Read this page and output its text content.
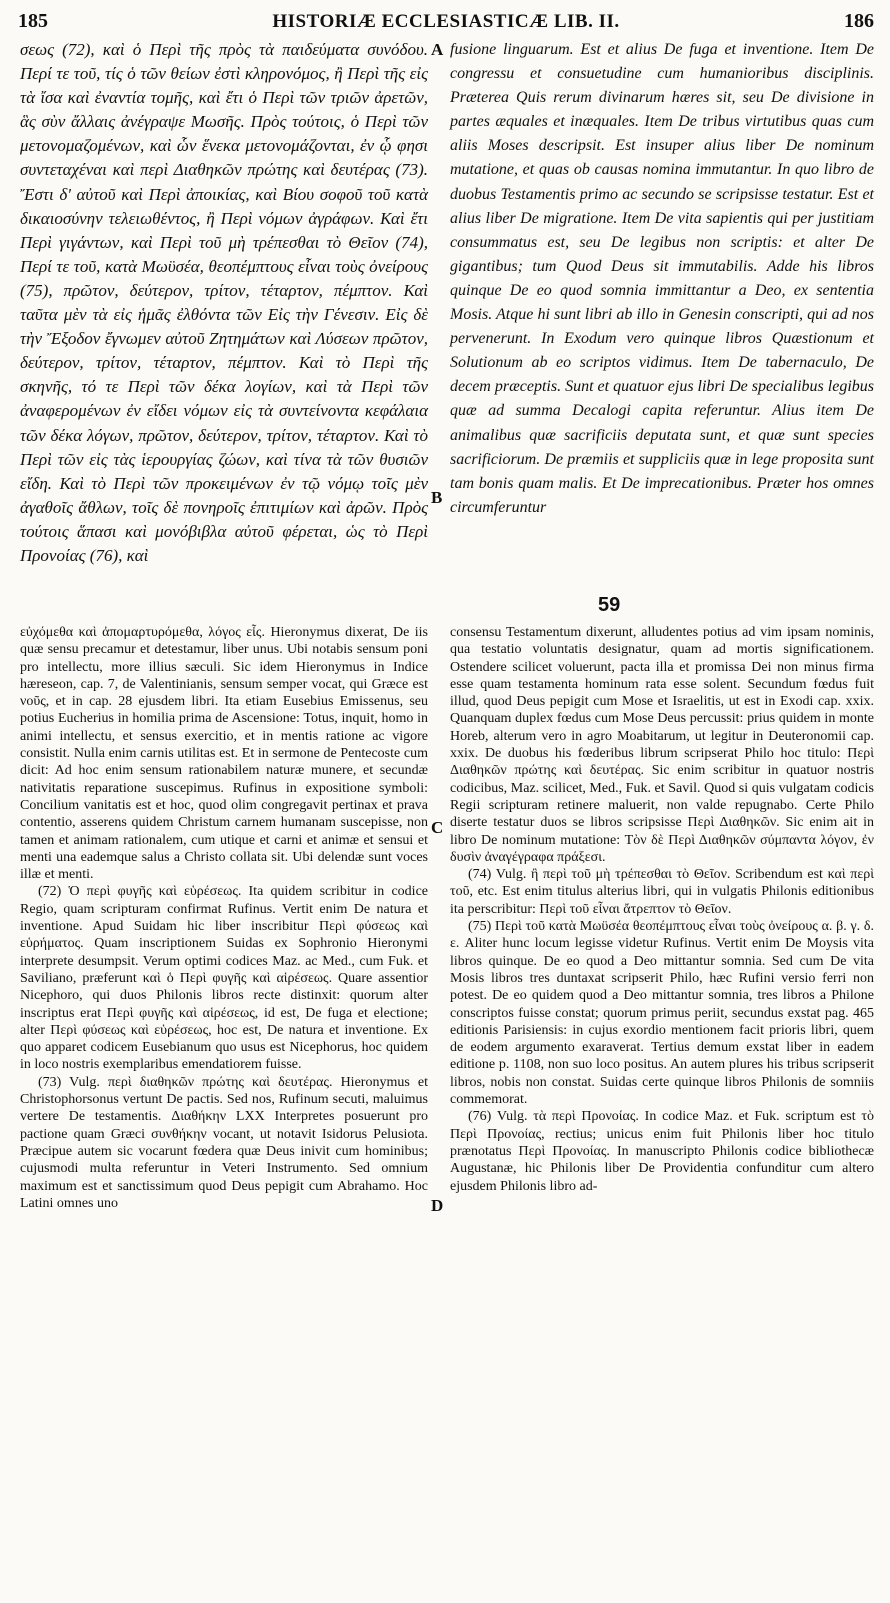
185	HISTORIÆ ECCLESIASTICÆ LIB. II.	186
A
B
C
D

σεως (72), καὶ ὁ Περὶ τῆς πρὸς τὰ παιδεύματα συνόδου. Περί τε τοῦ, τίς ὁ τῶν θείων ἐστὶ κληρονόμος, ἢ Περὶ τῆς εἰς τὰ ἴσα καὶ ἐναντία τομῆς, καὶ ἔτι ὁ Περὶ τῶν τριῶν ἀρετῶν, ἃς σὺν ἄλλαις ἀνέγραψε Μωσῆς. Πρὸς τούτοις, ὁ Περὶ τῶν μετονομαζομένων, καὶ ὧν ἕνεκα μετονομάζονται, ἐν ᾧ φησι συντεταχέναι καὶ περὶ Διαθηκῶν πρώτης καὶ δευτέρας (73). Ἔστι δ' αὐτοῦ καὶ Περὶ ἀποικίας, καὶ Βίου σοφοῦ τοῦ κατὰ δικαιοσύνην τελειωθέντος, ἢ Περὶ νόμων ἀγράφων. Καὶ ἔτι Περὶ γιγάντων, καὶ Περὶ τοῦ μὴ τρέπεσθαι τὸ Θεῖον (74), Περί τε τοῦ, κατὰ Μωϋσέα, θεοπέμπτους εἶναι τοὺς ὀνείρους (75), πρῶτον, δεύτερον, τρίτον, τέταρτον, πέμπτον. Καὶ ταῦτα μὲν τὰ εἰς ἡμᾶς ἐλθόντα τῶν Εἰς τὴν Γένεσιν. Εἰς δὲ τὴν Ἔξοδον ἔγνωμεν αὐτοῦ Ζητημάτων καὶ Λύσεων πρῶτον, δεύτερον, τρίτον, τέταρτον, πέμπτον. Καὶ τὸ Περὶ τῆς σκηνῆς, τό τε Περὶ τῶν δέκα λογίων, καὶ τὰ Περὶ τῶν ἀναφερομένων ἐν εἴδει νόμων εἰς τὰ συντείνοντα κεφάλαια τῶν δέκα λόγων, πρῶτον, δεύτερον, τρίτον, τέταρτον. Καὶ τὸ Περὶ τῶν εἰς τὰς ἱερουργίας ζώων, καὶ τίνα τὰ τῶν θυσιῶν εἴδη. Καὶ τὸ Περὶ τῶν προκειμένων ἐν τῷ νόμῳ τοῖς μὲν ἀγαθοῖς ἄθλων, τοῖς δὲ πονηροῖς ἐπιτιμίων καὶ ἀρῶν. Πρὸς τούτοις ἅπασι καὶ μονόβιβλα αὐτοῦ φέρεται, ὡς τὸ Περὶ Προνοίας (76), καὶ

fusione linguarum. Est et alius De fuga et inventione. Item De congressu et consuetudine cum humanioribus disciplinis. Præterea Quis rerum divinarum hæres sit, seu De divisione in partes æquales et inæquales. Item De tribus virtutibus quas cum aliis Moses descripsit. Est insuper alius liber De nominum mutatione, et quas ob causas nomina immutantur. In quo libro de duobus Testamentis primo ac secundo se scripsisse testatur. Est et alius liber De migratione. Item De vita sapientis qui per justitiam consummatus est, seu De legibus non scriptis: et alter De gigantibus; tum Quod Deus sit immutabilis. Adde his libros quinque De eo quod somnia immittantur a Deo, ex sententia Mosis. Atque hi sunt libri ab illo in Genesin conscripti, qui ad nos pervenerunt. In Exodum vero quinque libros Quæstionum et Solutionum ab eo scriptos vidimus. Item De tabernaculo, De decem præceptis. Sunt et quatuor ejus libri De specialibus legibus quæ ad summa Decalogi capita referuntur. Alius item De animalibus quæ sacrificiis deputata sunt, et quæ sunt species sacrificiorum. De præmiis et suppliciis quæ in lege proposita sunt tam bonis quam malis. Et De imprecationibus. Præter hos omnes circumferuntur

59

εὐχόμεθα καὶ ἀπομαρτυρόμεθα, λόγος εἷς. Hieronymus dixerat, De iis quæ sensu precamur et detestamur, liber unus. Ubi notabis sensum poni pro intellectu, more illius sæculi. Sic idem Hieronymus in Indice hæreseon, cap. 7, de Valentinianis, sensum semper vocat, qui Græce est νοῦς, et in cap. 28 ejusdem libri. Ita etiam Eusebius Emissenus, seu potius Eucherius in homilia prima de Ascensione: Totus, inquit, homo in animi intellectu, et sensus exercitio, et in mentis ratione ac vigore consistit. Nulla enim carnis utilitas est. Et in sermone de Pentecoste cum dicit: Ad hoc enim sensum rationabilem naturæ munere, et secundæ nativitatis reparatione suscepimus. Rufinus in expositione symboli: Concilium vanitatis est et hoc, quod olim congregavit pertinax et prava contentio, asserens quidem Christum carnem humanam suscepisse, non tamen et animam rationalem, cum utique et carni et animæ et sensui et menti una eademque salus a Christo collata sit. Ubi delendæ sunt voces illæ et menti.

(72) Ὁ περὶ φυγῆς καὶ εὑρέσεως. Ita quidem scribitur in codice Regio, quam scripturam confirmat Rufinus. Vertit enim De natura et inventione. Apud Suidam hic liber inscribitur Περὶ φύσεως καὶ εὑρήματος. Quam inscriptionem Suidas ex Sophronio Hieronymi interprete desumpsit. Verum optimi codices Maz. ac Med., cum Fuk. et Saviliano, præferunt καὶ ὁ Περὶ φυγῆς καὶ αἱρέσεως. Quare assentior Nicephoro, qui duos Philonis libros recte distinxit: quorum alter inscriptus erat Περὶ φυγῆς καὶ αἱρέσεως, id est, De fuga et electione; alter Περὶ φύσεως καὶ εὑρέσεως, hoc est, De natura et inventione. Ex quo apparet codicem Eusebianum quo usus est Nicephorus, hoc quidem in loco nostris exemplaribus emendatiorem fuisse.

(73) Vulg. περὶ διαθηκῶν πρώτης καὶ δευτέρας. Hieronymus et Christophorsonus vertunt De pactis. Sed nos, Rufinum secuti, maluimus vertere De testamentis. Διαθήκην LXX Interpretes posuerunt pro pactione quam Græci συνθήκην vocant, ut notavit Isidorus Pelusiota. Præcipue autem sic vocarunt fœdera quæ Deus inivit cum hominibus; cujusmodi multa referuntur in Veteri Instrumento. Sed omnium maximum est et sanctissimum quod Deus pepigit cum Abrahamo. Hoc Latini omnes uno

consensu Testamentum dixerunt, alludentes potius ad vim ipsam nominis, qua testatio voluntatis designatur, quam ad mortis significationem. Ostendere scilicet voluerunt, pacta illa et promissa Dei non minus firma esse quam testamenta hominum rata esse solent. Secundum fœdus fuit illud, quod Deus pepigit cum Mose et Israelitis, ut est in Exodi cap. xxix. Quanquam duplex fœdus cum Mose Deus percussit: prius quidem in monte Horeb, alterum vero in agro Moabitarum, ut legitur in Deuteronomii cap. xxix. De duobus his fœderibus librum scripserat Philo hoc titulo: Περὶ Διαθηκῶν πρώτης καὶ δευτέρας. Sic enim scribitur in quatuor nostris codicibus, Maz. scilicet, Med., Fuk. et Savil. Quod si quis vulgatam codicis Regii scripturam retinere maluerit, non valde repugnabo. Certe Philo diserte testatur duos se libros scripsisse Περὶ Διαθηκῶν. Sic enim ait in libro De nominum mutatione: Τὸν δὲ Περὶ Διαθηκῶν σύμπαντα λόγον, ἐν δυσὶν ἀναγέγραφα πράξεσι.

(74) Vulg. ἢ περὶ τοῦ μὴ τρέπεσθαι τὸ Θεῖον. Scribendum est καὶ περὶ τοῦ, etc. Est enim titulus alterius libri, qui in vulgatis Philonis editionibus ita perscribitur: Περὶ τοῦ εἶναι ἄτρεπτον τὸ Θεῖον.

(75) Περὶ τοῦ κατὰ Μωϋσέα θεοπέμπτους εἶναι τοὺς ὀνείρους α. β. γ. δ. ε. Aliter hunc locum legisse videtur Rufinus. Vertit enim De Moysis vita libros quinque. De eo quod a Deo mittantur somnia. Sed cum De vita Mosis libros tres duntaxat scripserit Philo, hæc Rufini versio ferri non potest. De eo quidem quod a Deo mittantur somnia, tres libros a Philone conscriptos fuisse constat; quorum primus periit, secundus exstat pag. 465 editionis Parisiensis: in cujus exordio mentionem facit prioris libri, quem de eodem argumento exaraverat. Tertius demum exstat liber in eadem editione p. 1108, non suo loco positus. An autem plures his tribus scripserit libros, nobis non constat. Suidas certe quinque libros Philonis de somniis commemorat.

(76) Vulg. τὰ περὶ Προνοίας. In codice Maz. et Fuk. scriptum est τὸ Περὶ Προνοίας, rectius; unicus enim fuit Philonis liber hoc titulo prænotatus Περὶ Προνοίας. In manuscripto Philonis codice bibliothecæ Augustanæ, hic Philonis liber De Providentia confunditur cum altero ejusdem Philonis libro ad-
